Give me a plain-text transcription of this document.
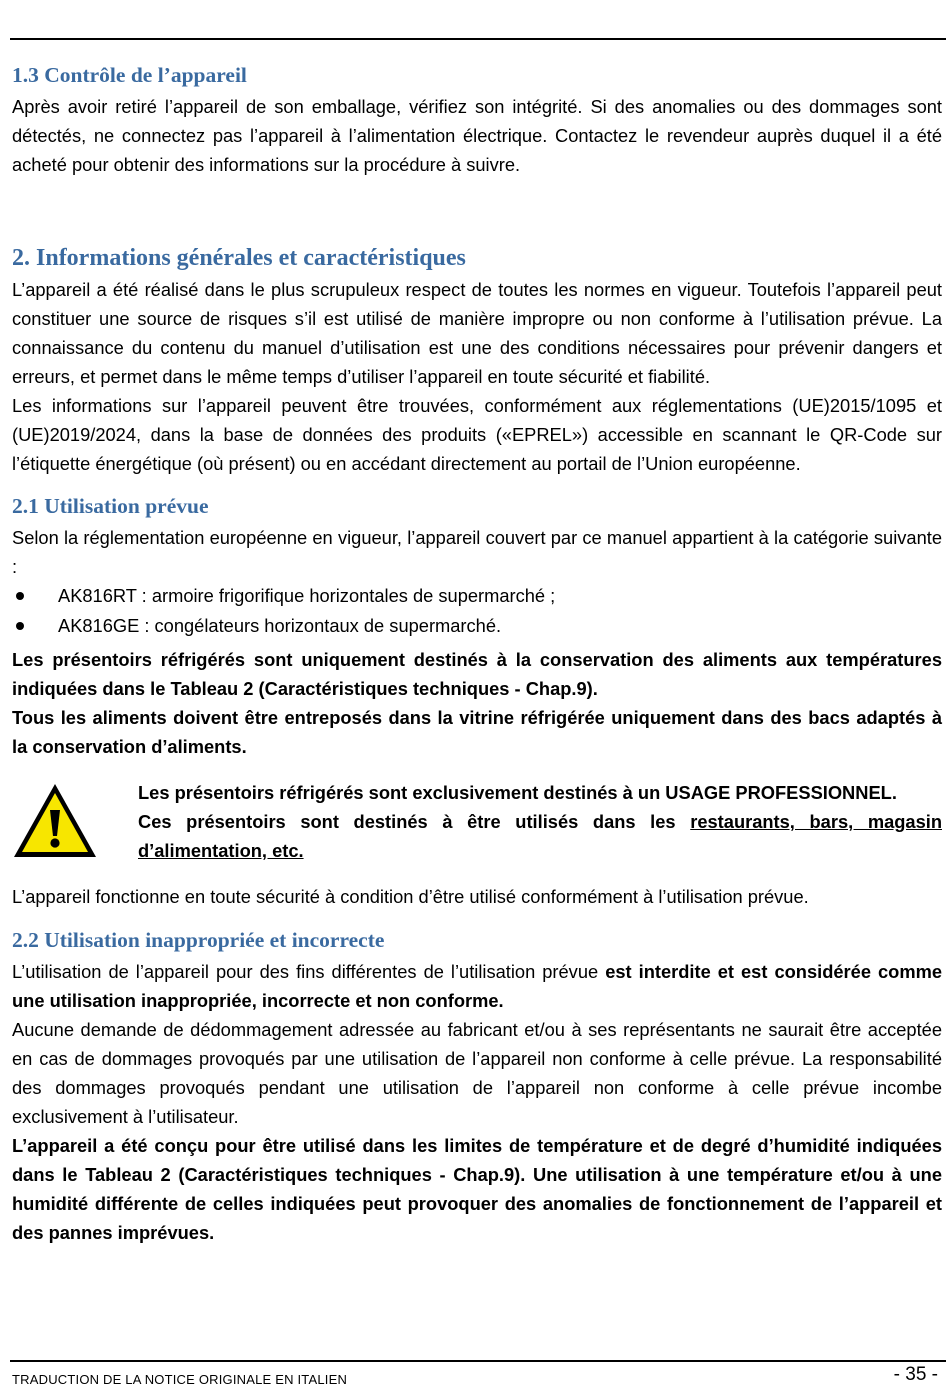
1.3 Contrôle de l’appareil

Après avoir retiré l’appareil de son emballage, vérifiez son intégrité. Si des anomalies ou des dommages sont détectés, ne connectez pas l’appareil à l’alimentation électrique. Contactez le revendeur auprès duquel il a été acheté pour obtenir des informations sur la procédure à suivre.

2. Informations générales et caractéristiques

L’appareil a été réalisé dans le plus scrupuleux respect de toutes les normes en vigueur. Toutefois l’appareil peut constituer une source de risques s’il est utilisé de manière impropre ou non conforme à l’utilisation prévue. La connaissance du contenu du manuel d’utilisation est une des conditions nécessaires pour prévenir dangers et erreurs, et permet dans le même temps d’utiliser l’appareil en toute sécurité et fiabilité.

Les informations sur l’appareil peuvent être trouvées, conformément aux réglementations (UE)2015/1095 et (UE)2019/2024, dans la base de données des produits («EPREL») accessible en scannant le QR-Code sur l’étiquette énergétique (où présent) ou en accédant directement au portail de l’Union européenne.

2.1 Utilisation prévue

Selon la réglementation européenne en vigueur, l’appareil couvert par ce manuel appartient à la catégorie suivante :

AK816RT : armoire frigorifique horizontales de supermarché ;
AK816GE : congélateurs horizontaux de supermarché.

Les présentoirs réfrigérés sont uniquement destinés à la conservation des aliments aux températures indiquées dans le Tableau 2 (Caractéristiques techniques - Chap.9).

Tous les aliments doivent être entreposés dans la vitrine réfrigérée uniquement dans des bacs adaptés à la conservation d’aliments.

Les présentoirs réfrigérés sont exclusivement destinés à un USAGE PROFESSIONNEL.

Ces présentoirs sont destinés à être utilisés dans les restaurants, bars, magasin d’alimentation, etc.

L’appareil fonctionne en toute sécurité à condition d’être utilisé conformément à l’utilisation prévue.

2.2 Utilisation inappropriée et incorrecte

L’utilisation de l’appareil pour des fins différentes de l’utilisation prévue est interdite et est considérée comme une utilisation inappropriée, incorrecte et non conforme.

Aucune demande de dédommagement adressée au fabricant et/ou à ses représentants ne saurait être acceptée en cas de dommages provoqués par une utilisation de l’appareil non conforme à celle prévue. La responsabilité des dommages provoqués pendant une utilisation de l’appareil non conforme à celle prévue incombe exclusivement à l’utilisateur.

L’appareil a été conçu pour être utilisé dans les limites de température et de degré d’humidité indiquées dans le Tableau 2 (Caractéristiques techniques - Chap.9). Une utilisation à une température et/ou à une humidité différente de celles indiquées peut provoquer des anomalies de fonctionnement de l’appareil et des pannes imprévues.

TRADUCTION DE LA NOTICE ORIGINALE EN ITALIEN	- 35 -
